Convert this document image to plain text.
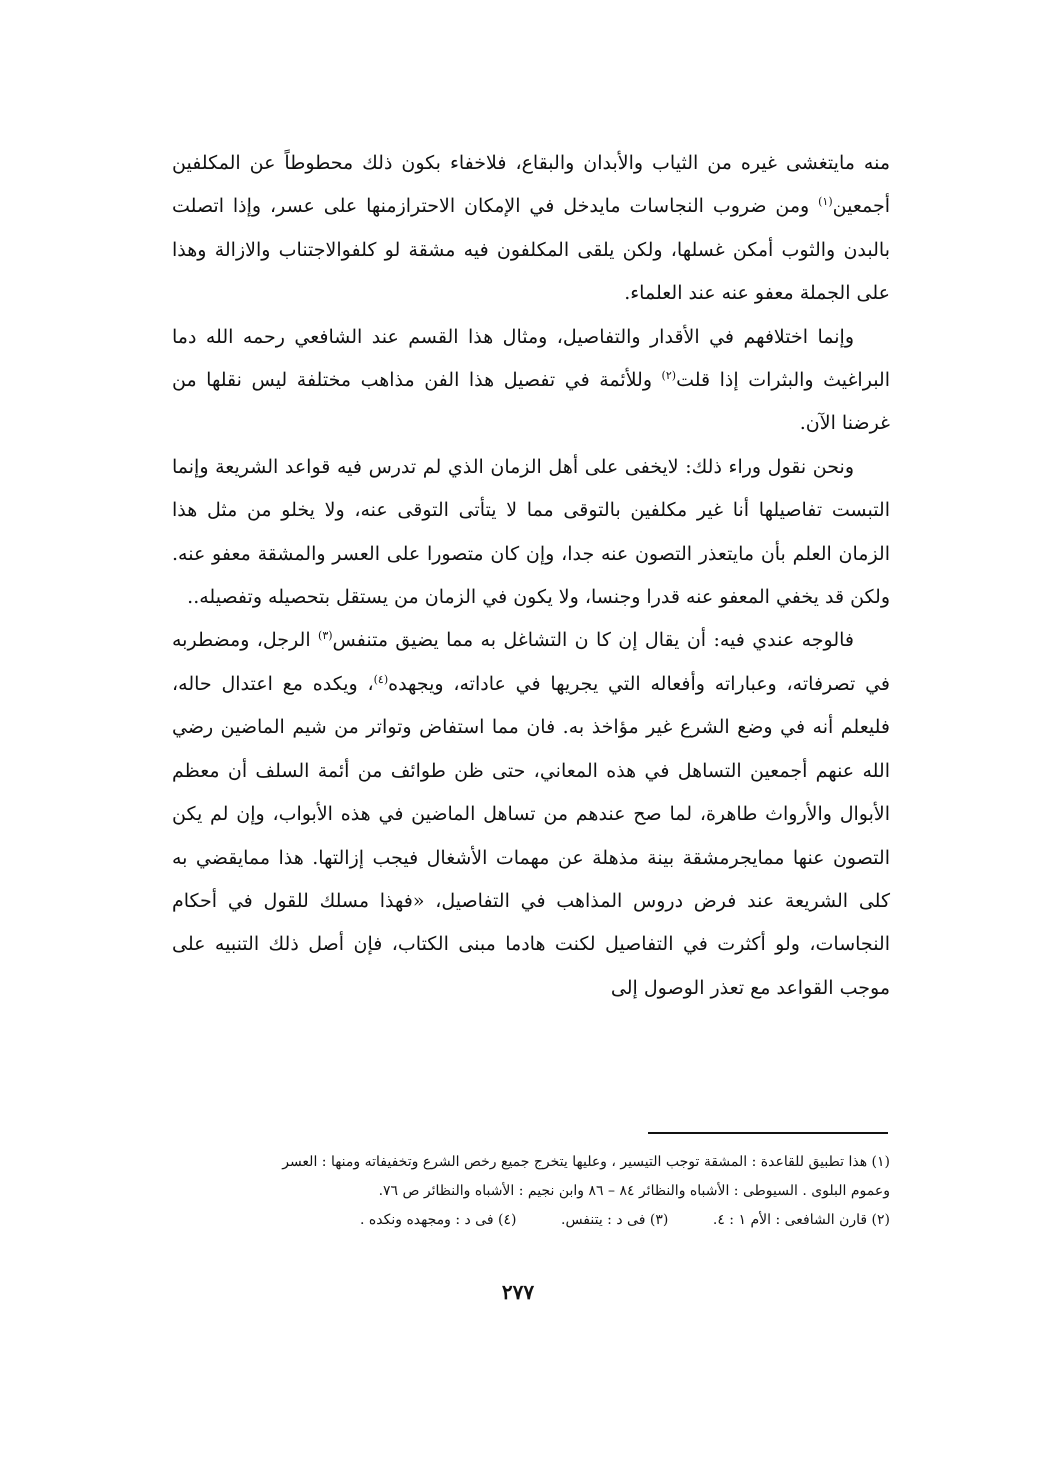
منه مايتغشى غيره من الثياب والأبدان والبقاع، فلاخفاء بكون ذلك محطوطاً عن المكلفين أجمعين$^{(١)}$ ومن ضروب النجاسات مايدخل في الإمكان الاحترازمنها على عسر، وإذا اتصلت بالبدن والثوب أمكن غسلها، ولكن يلقى المكلفون فيه مشقة لو كلفوالاجتناب والازالة وهذا على الجملة معفو عنه عند العلماء.

وإنما اختلافهم في الأقدار والتفاصيل، ومثال هذا القسم عند الشافعي رحمه الله دما البراغيث والبثرات إذا قلت$^{(٢)}$ وللأئمة في تفصيل هذا الفن مذاهب مختلفة ليس نقلها من غرضنا الآن.

ونحن نقول وراء ذلك: لايخفى على أهل الزمان الذي لم تدرس فيه قواعد الشريعة وإنما التبست تفاصيلها أنا غير مكلفين بالتوقى مما لا يتأتى التوقى عنه، ولا يخلو من مثل هذا الزمان العلم بأن مايتعذر التصون عنه جدا، وإن كان متصورا على العسر والمشقة معفو عنه. ولكن قد يخفي المعفو عنه قدرا وجنسا، ولا يكون في الزمان من يستقل بتحصيله وتفصيله..

فالوجه عندي فيه: أن يقال إن كا ن التشاغل به مما يضيق متنفس$^{(٣)}$ الرجل، ومضطربه في تصرفاته، وعباراته وأفعاله التي يجريها في عاداته، ويجهده$^{(٤)}$، ويكده مع اعتدال حاله، فليعلم أنه في وضع الشرع غير مؤاخذ به. فان مما استفاض وتواتر من شيم الماضين رضي الله عنهم أجمعين التساهل في هذه المعاني، حتى ظن طوائف من أئمة السلف أن معظم الأبوال والأرواث طاهرة، لما صح عندهم من تساهل الماضين في هذه الأبواب، وإن لم يكن التصون عنها ممايجرمشقة بينة مذهلة عن مهمات الأشغال فيجب إزالتها. هذا ممايقضي به كلى الشريعة عند فرض دروس المذاهب في التفاصيل، «فهذا مسلك للقول في أحكام النجاسات، ولو أكثرت في التفاصيل لكنت هادما مبنى الكتاب، فإن أصل ذلك التنبيه على موجب القواعد مع تعذر الوصول إلى

(١) هذا تطبيق للقاعدة : المشقة توجب التيسير ، وعليها يتخرج جميع رخص الشرع وتخفيفاته ومنها : العسر

وعموم البلوى . السيوطى : الأشباه والنظائر ٨٤ – ٨٦ وابن نجيم : الأشباه والنظائر ص ٧٦.

(٢) قارن الشافعى : الأم ١ : ٤.
(٣) فى د : يتنفس.
(٤) فى د : ومجهده ونكده .
٢٧٧
